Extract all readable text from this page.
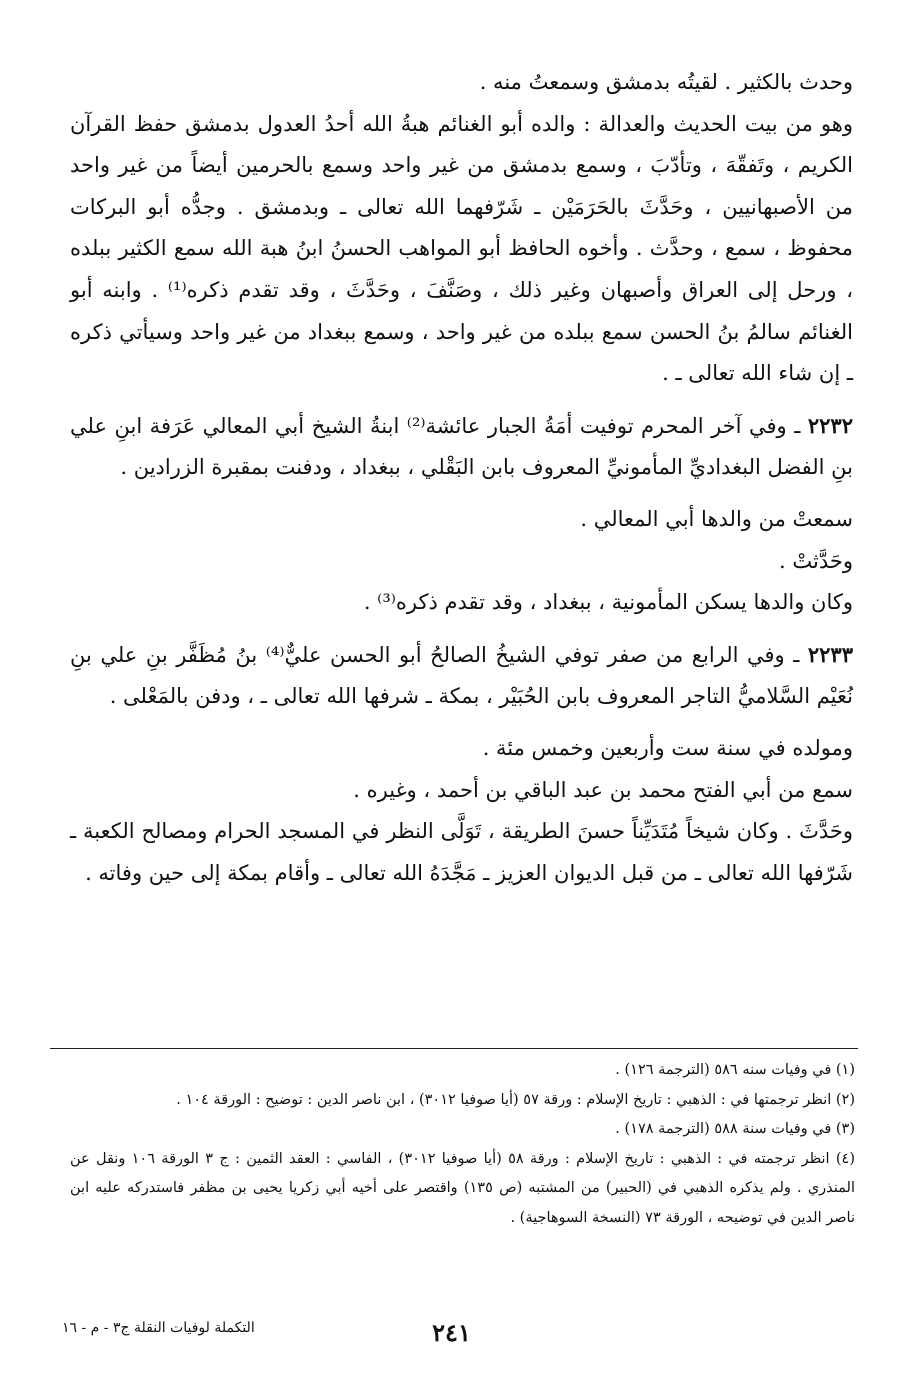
وحدث بالكثير . لقيتُه بدمشق وسمعتُ منه .

وهو من بيت الحديث والعدالة : والده أبو الغنائم هبةُ الله أحدُ العدول بدمشق حفظ القرآن الكريم ، وتَفقّهَ ، وتأدّبَ ، وسمع بدمشق من غير واحد وسمع بالحرمين أيضاً من غير واحد من الأصبهانيين ، وحَدَّثَ بالحَرَمَيْن ـ شَرّفهما الله تعالى ـ وبدمشق . وجدُّه أبو البركات محفوظ ، سمع ، وحدَّث . وأخوه الحافظ أبو المواهب الحسنُ ابنُ هبة الله سمع الكثير ببلده ، ورحل إلى العراق وأصبهان وغير ذلك ، وصَنَّفَ ، وحَدَّثَ ، وقد تقدم ذكره⁽¹⁾ . وابنه أبو الغنائم سالمُ بنُ الحسن سمع ببلده من غير واحد ، وسمع ببغداد من غير واحد وسيأتي ذكره ـ إن شاء الله تعالى ـ .

٢٢٣٢ ـ وفي آخر المحرم توفيت أمَةُ الجبار عائشة⁽²⁾ ابنةُ الشيخ أبي المعالي عَرَفة ابنِ علي بنِ الفضل البغداديِّ المأمونيِّ المعروف بابن البَقْلي ، ببغداد ، ودفنت بمقبرة الزرادين .

سمعتْ من والدها أبي المعالي .

وحَدَّثتْ .

وكان والدها يسكن المأمونية ، ببغداد ، وقد تقدم ذكره⁽³⁾ .

٢٢٣٣ ـ وفي الرابع من صفر توفي الشيخُ الصالحُ أبو الحسن عليٌّ⁽⁴⁾ بنُ مُظَفَّر بنِ علي بنِ نُعَيْم السَّلاميُّ التاجر المعروف بابن الحُبَيْر ، بمكة ـ شرفها الله تعالى ـ ، ودفن بالمَعْلى .

ومولده في سنة ست وأربعين وخمس مئة .

سمع من أبي الفتح محمد بن عبد الباقي بن أحمد ، وغيره .

وحَدَّثَ . وكان شيخاً مُتَدَيِّناً حسنَ الطريقة ، تَوَلَّى النظر في المسجد الحرام ومصالح الكعبة ـ شَرّفها الله تعالى ـ من قبل الديوان العزيز ـ مَجَّدَهُ الله تعالى ـ وأقام بمكة إلى حين وفاته .

(١) في وفيات سنه ٥٨٦ (الترجمة ١٢٦) .

(٢) انظر ترجمتها في : الذهبي : تاريخ الإسلام : ورقة ٥٧ (أيا صوفيا ٣٠١٢) ، ابن ناصر الدين : توضيح : الورقة ١٠٤ .

(٣) في وفيات سنة ٥٨٨ (الترجمة ١٧٨) .

(٤) انظر ترجمته في : الذهبي : تاريخ الإسلام : ورقة ٥٨ (أيا صوفيا ٣٠١٢) ، الفاسي : العقد الثمين : ج ٣ الورقة ١٠٦ ونقل عن المنذري . ولم يذكره الذهبي في (الحبير) من المشتبه (ص ١٣٥) واقتصر على أخيه أبي زكريا يحيى بن مظفر فاستدركه عليه ابن ناصر الدين في توضيحه ، الورقة ٧٣ (النسخة السوهاجية) .

٢٤١
التكملة لوفيات النقلة ج٣ - م - ١٦
